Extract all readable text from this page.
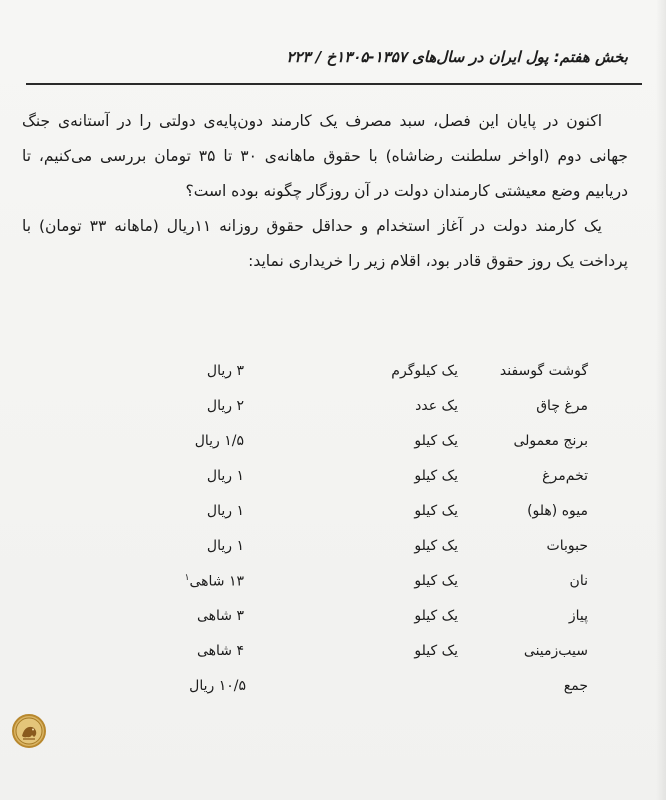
بخش هفتم: پول ایران در سال‌های ۱۳۵۷-۱۳۰۵خ / ۲۲۳

اکنون در پایان این فصل، سبد مصرف یک کارمند دون‌پایه‌ی دولتی را در آستانه‌ی جنگ جهانی دوم (اواخر سلطنت رضاشاه) با حقوق ماهانه‌ی ۳۰ تا ۳۵ تومان بررسی می‌کنیم، تا دریابیم وضع معیشتی کارمندان دولت در آن روزگار چگونه بوده است؟

یک کارمند دولت در آغاز استخدام و حداقل حقوق روزانه ۱۱ریال (ماهانه ۳۳ تومان) با پرداخت یک روز حقوق قادر بود، اقلام زیر را خریداری نماید:

گوشت گوسفند
یک کیلوگرم
۳ ریال
مرغ چاق
یک عدد
۲ ریال
برنج معمولی
یک کیلو
۱/۵ ریال
تخم‌مرغ
یک کیلو
۱ ریال
میوه (هلو)
یک کیلو
۱ ریال
حبوبات
یک کیلو
۱ ریال
نان
یک کیلو
۱۳ شاهی$^۱$
پیاز
یک کیلو
۳ شاهی
سیب‌زمینی
یک کیلو
۴ شاهی
جمع
۱۰/۵ ریال
